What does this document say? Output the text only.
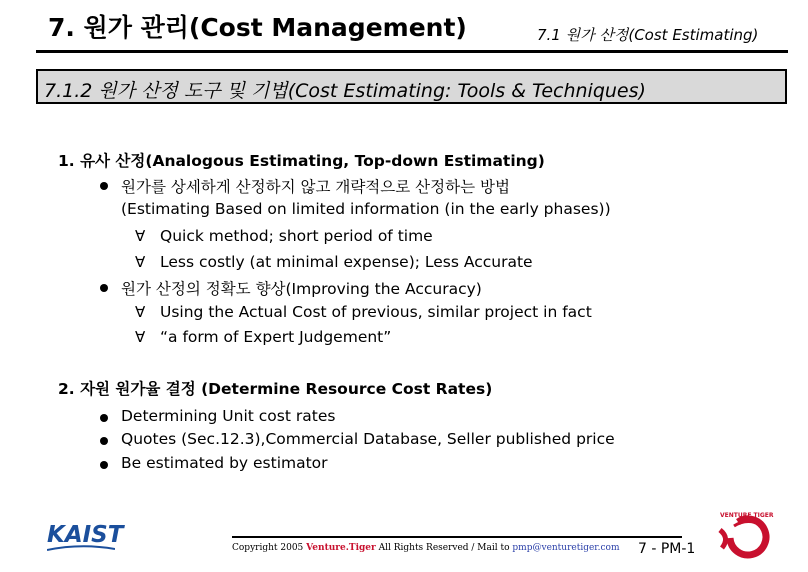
7. 원가 관리(Cost Management)	7.1 원가 산정(Cost Estimating)
7.1.2 원가 산정 도구 및 기법(Cost Estimating: Tools & Techniques)
1. 유사 산정(Analogous Estimating, Top-down Estimating)
원가를 상세하게 산정하지 않고 개략적으로 산정하는 방법
(Estimating Based on limited information (in the early phases))
∀ Quick method; short period of time
∀ Less costly (at minimal expense); Less Accurate
원가 산정의 정확도 향상(Improving the Accuracy)
∀ Using the Actual Cost of previous, similar project in fact
∀ “a form of Expert Judgement”
2. 자원 원가율 결정 (Determine Resource Cost Rates)
Determining Unit cost rates
Quotes (Sec.12.3),Commercial Database, Seller published price
Be estimated by estimator
KAIST	Copyright 2005 Venture.Tiger All Rights Reserved / Mail to pmp@venturetiger.com 7 - PM-1
VENTURE TIGER
